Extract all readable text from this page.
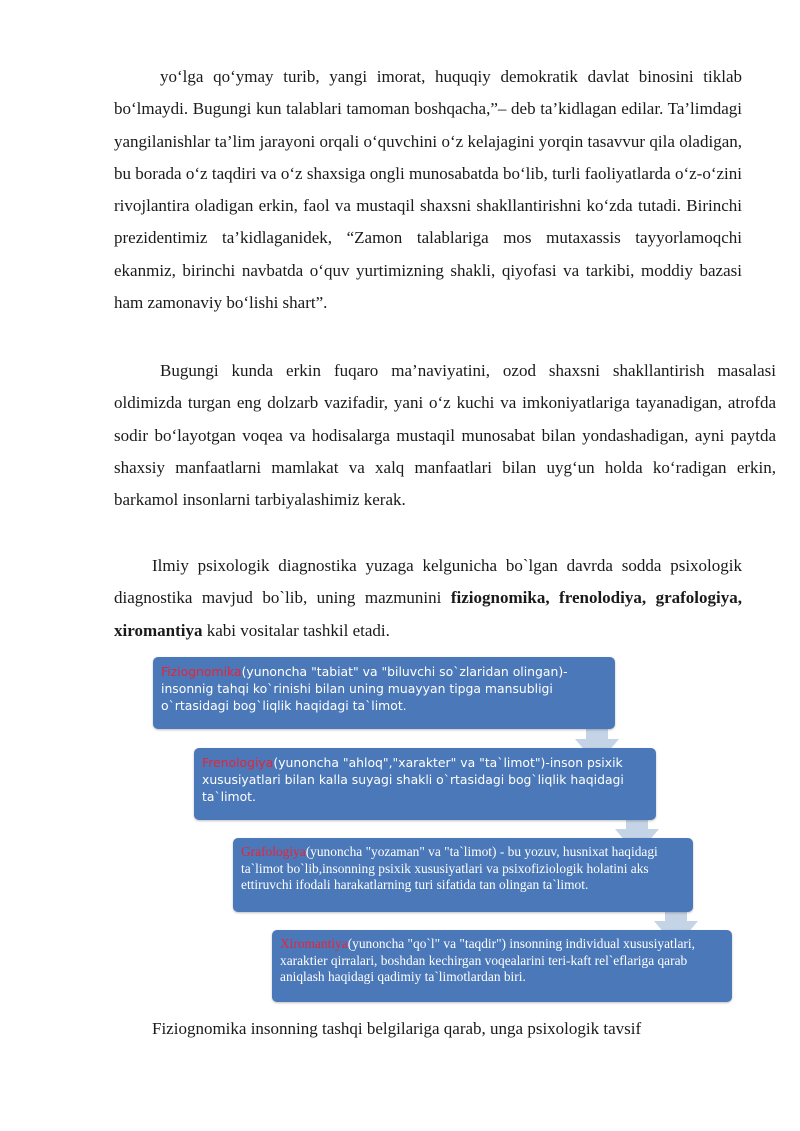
yo‘lga qo‘ymay turib, yangi imorat, huquqiy demokratik davlat binosini tiklab bo‘lmaydi. Bugungi kun talablari tamoman boshqacha,”– deb ta’kidlagan edilar. Ta’limdagi yangilanishlar ta’lim jarayoni orqali o‘quvchini o‘z kelajagini yorqin tasavvur qila oladigan, bu borada o‘z taqdiri va o‘z shaxsiga ongli munosabatda bo‘lib, turli faoliyatlarda o‘z-o‘zini rivojlantira oladigan erkin, faol va mustaqil shaxsni shakllantirishni ko‘zda tutadi. Birinchi prezidentimiz ta’kidlaganidek, “Zamon talablariga mos mutaxassis tayyorlamoqchi ekanmiz, birinchi navbatda o‘quv yurtimizning shakli, qiyofasi va tarkibi, moddiy bazasi ham zamonaviy bo‘lishi shart”.

Bugungi kunda erkin fuqaro ma’naviyatini, ozod shaxsni shakllantirish masalasi oldimizda turgan eng dolzarb vazifadir, yani o‘z kuchi va imkoniyatlariga tayanadigan, atrofda sodir bo‘layotgan voqea va hodisalarga mustaqil munosabat bilan yondashadigan, ayni paytda shaxsiy manfaatlarni mamlakat va xalq manfaatlari bilan uyg‘un holda ko‘radigan erkin, barkamol insonlarni tarbiyalashimiz kerak.

Ilmiy psixologik diagnostika yuzaga kelgunicha bo`lgan davrda sodda psixologik diagnostika mavjud bo`lib, uning mazmunini fiziognomika, frenolodiya, grafologiya, xiromantiya kabi vositalar tashkil etadi.

Fiziognomika(yunoncha "tabiat" va "biluvchi so`zlaridan olingan)-insonnig tahqi ko`rinishi bilan uning muayyan tipga mansubligi o`rtasidagi bog`liqlik haqidagi ta`limot.
Frenologiya(yunoncha "ahloq","xarakter" va "ta`limot")-inson psixik xususiyatlari bilan kalla suyagi shakli o`rtasidagi bog`liqlik haqidagi ta`limot.
Grafologiya(yunoncha "yozaman" va "ta`limot) - bu yozuv, husnixat haqidagi ta`limot bo`lib,insonning psixik xususiyatlari va psixofiziologik holatini aks ettiruvchi ifodali harakatlarning turi sifatida tan olingan ta`limot.
Xiromantiya(yunoncha "qo`l" va "taqdir") insonning individual xususiyatlari, xaraktier qirralari, boshdan kechirgan voqealarini teri-kaft rel`eflariga qarab aniqlash haqidagi qadimiy ta`limotlardan biri.

Fiziognomika insonning tashqi belgilariga qarab, unga psixologik tavsif
